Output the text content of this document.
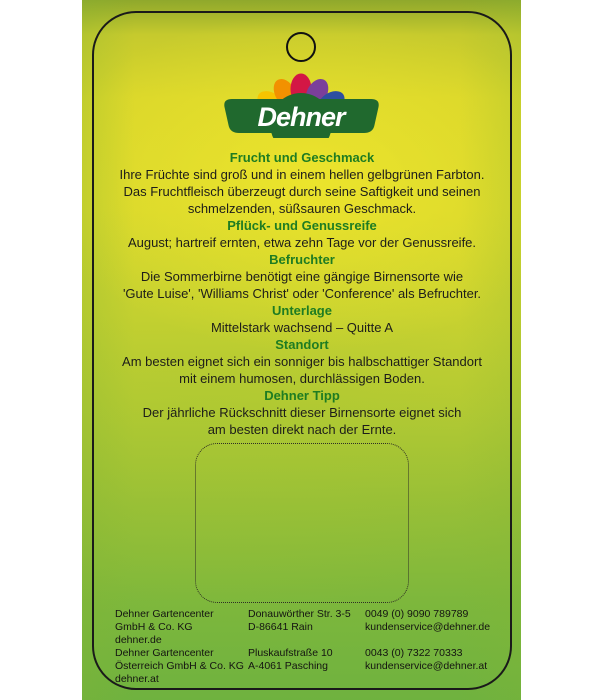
Dehner
Frucht und Geschmack
Ihre Früchte sind groß und in einem hellen gelbgrünen Farbton.
Das Fruchtfleisch überzeugt durch seine Saftigkeit und seinen
schmelzenden, süßsauren Geschmack.
Pflück- und Genussreife
August; hartreif ernten, etwa zehn Tage vor der Genussreife.
Befruchter
Die Sommerbirne benötigt eine gängige Birnensorte wie
'Gute Luise', 'Williams Christ' oder 'Conference' als Befruchter.
Unterlage
Mittelstark wachsend – Quitte A
Standort
Am besten eignet sich ein sonniger bis halbschattiger Standort
mit einem humosen, durchlässigen Boden.
Dehner Tipp
Der jährliche Rückschnitt dieser Birnensorte eignet sich
am besten direkt nach der Ernte.
Dehner Gartencenter
GmbH & Co. KG
dehner.de
Dehner Gartencenter
Österreich GmbH & Co. KG
dehner.at
Donauwörther Str. 3-5
D-86641 Rain
Pluskaufstraße 10
A-4061 Pasching
0049 (0) 9090 789789
kundenservice@dehner.de
0043 (0) 7322 70333
kundenservice@dehner.at
